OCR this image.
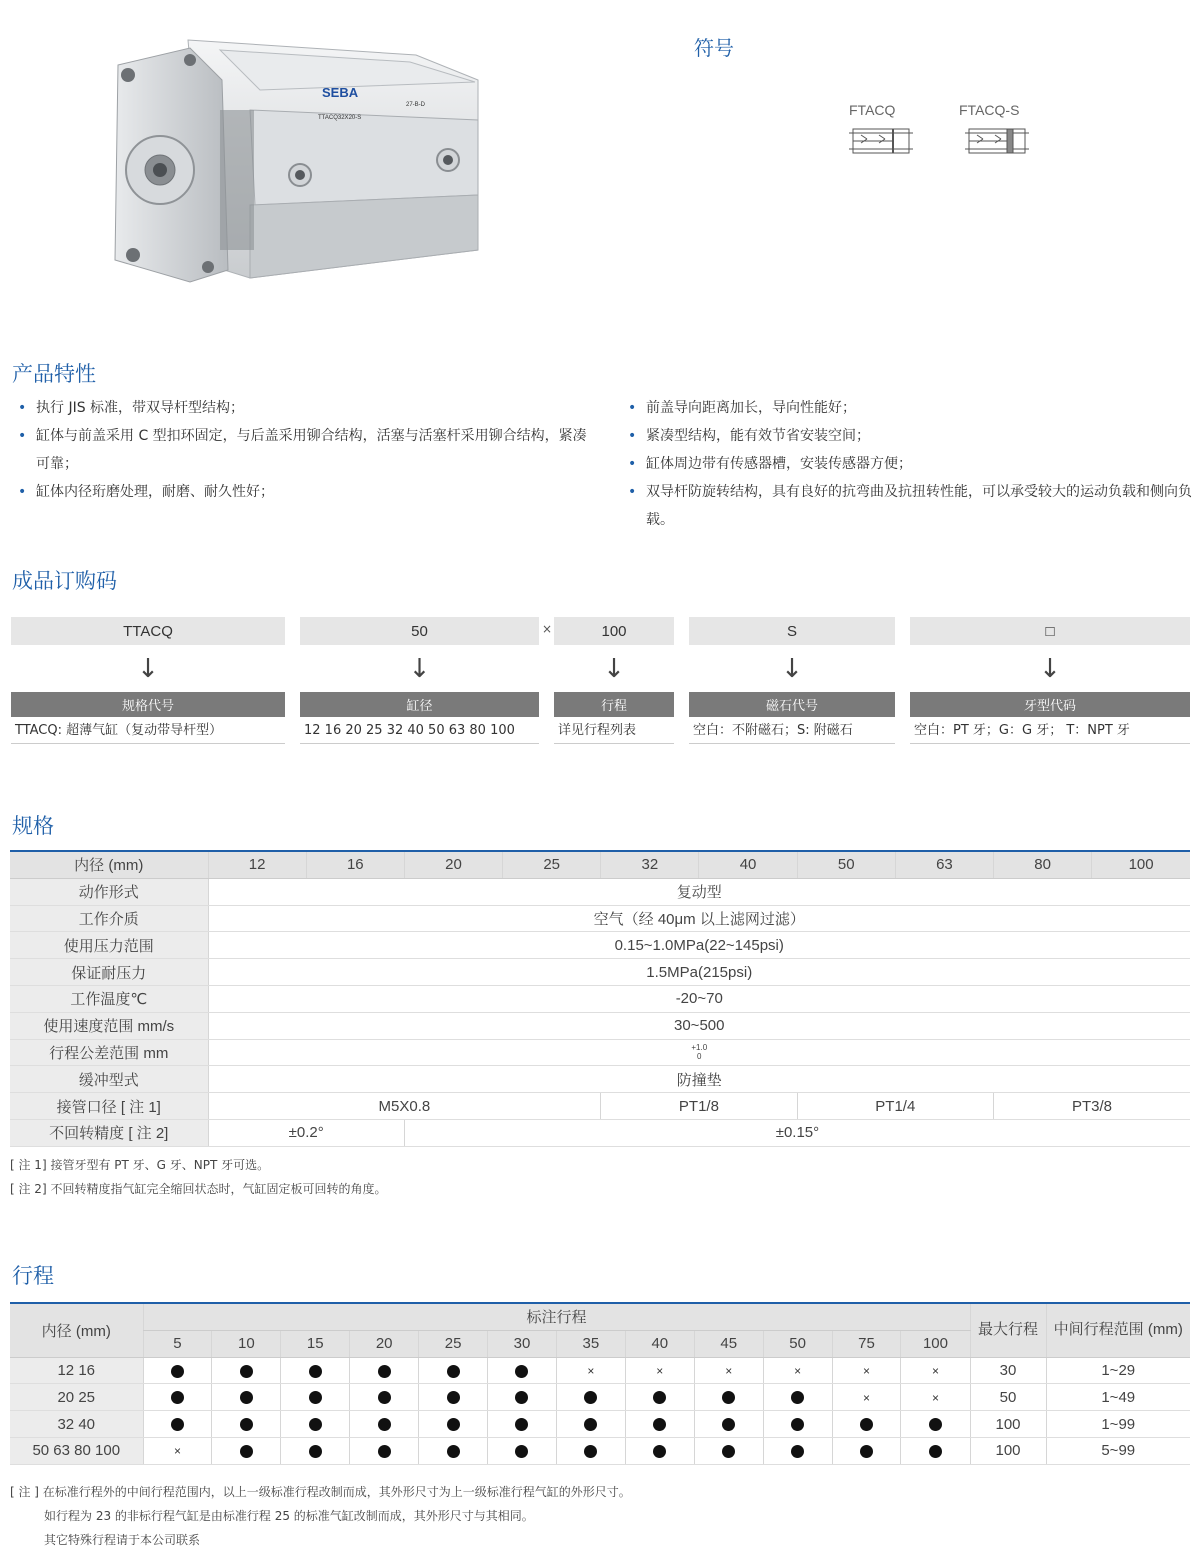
SEBA
TTACQ32X20-S
27-B-D
符号
FTACQ	FTACQ-S
产品特性
• 执行 JIS 标准，带双导杆型结构；
• 缸体与前盖采用 C 型扣环固定，与后盖采用铆合结构，活塞与活塞杆采用铆合结构，紧凑可靠；
• 缸体内径珩磨处理，耐磨、耐久性好；
• 前盖导向距离加长，导向性能好；
• 紧凑型结构，能有效节省安装空间；
• 缸体周边带有传感器槽，安装传感器方便；
• 双导杆防旋转结构，具有良好的抗弯曲及抗扭转性能，可以承受较大的运动负载和侧向负载。
成品订购码
TTACQ	50	×	100	S	□
↓	↓	↓	↓	↓
规格代号	缸径	行程	磁石代号	牙型代码
TTACQ: 超薄气缸（复动带导杆型）	12 16 20 25 32 40 50 63 80 100	详见行程列表	空白：不附磁石；S: 附磁石	空白：PT 牙；G：G 牙； T：NPT 牙
规格
内径 (mm)	12	16	20	25	32	40	50	63	80	100
动作形式	复动型									
工作介质	空气（经 40μm 以上滤网过滤）									
使用压力范围	0.15~1.0MPa(22~145psi)									
保证耐压力	1.5MPa(215psi)									
工作温度℃	-20~70									
使用速度范围 mm/s	30~500									
行程公差范围 mm	+1.0
0									
缓冲型式	防撞垫									
接管口径 [ 注 1]	M5X0.8				PT1/8		PT1/4		PT3/8	
不回转精度 [ 注 2]	±0.2°		±0.15°							
[ 注 1] 接管牙型有 PT 牙、G 牙、NPT 牙可选。
[ 注 2] 不回转精度指气缸完全缩回状态时，气缸固定板可回转的角度。
行程
内径 (mm)	标注行程												最大行程	中间行程范围 (mm)
	5	10	15	20	25	30	35	40	45	50	75	100		
12 16							×	×	×	×	×	×	30	1~29
20 25											×	×	50	1~49
32 40													100	1~99
50 63 80 100	×												100	5~99
[ 注 ] 在标准行程外的中间行程范围内，以上一级标准行程改制而成，其外形尺寸为上一级标准行程气缸的外形尺寸。
如行程为 23 的非标行程气缸是由标准行程 25 的标准气缸改制而成，其外形尺寸与其相同。
其它特殊行程请于本公司联系
